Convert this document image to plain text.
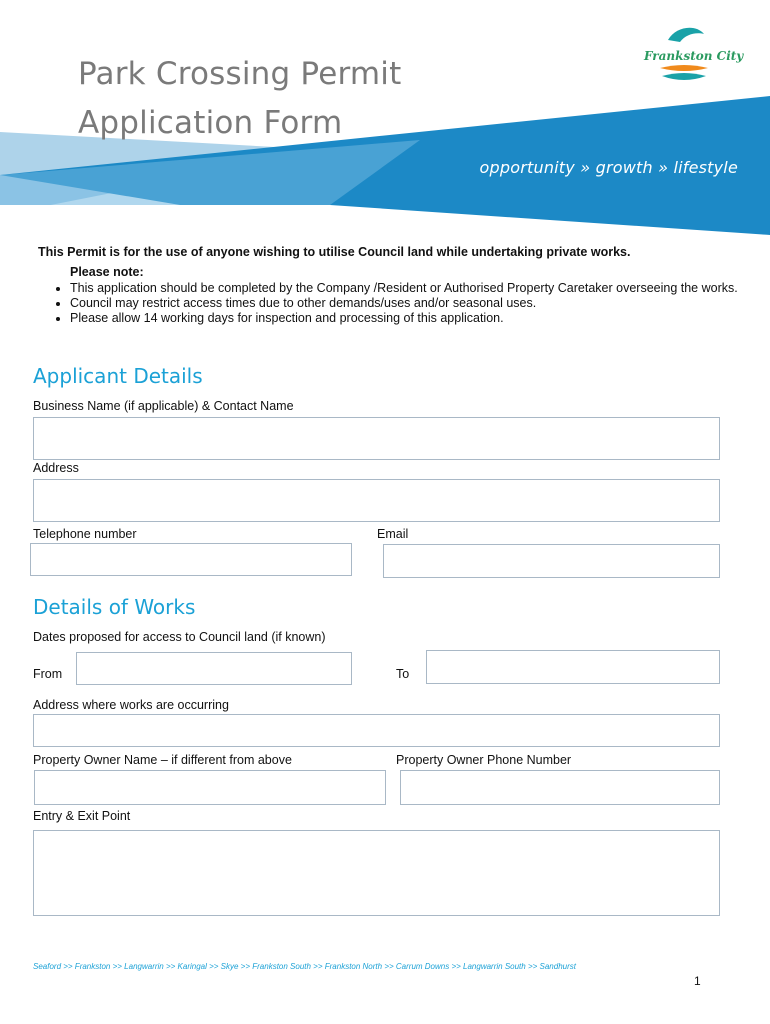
Frankston City
Park Crossing Permit
Application Form
opportunity » growth » lifestyle

This Permit is for the use of anyone wishing to utilise Council land while undertaking private works.

Please note:

• This application should be completed by the Company /Resident or Authorised Property Caretaker overseeing the works.
• Council may restrict access times due to other demands/uses and/or seasonal uses.
• Please allow 14 working days for inspection and processing of this application.
Applicant Details
Business Name (if applicable) & Contact Name
Address
Telephone number	Email
Details of Works
Dates proposed for access to Council land (if known)
From	To
Address where works are occurring
Property Owner Name – if different from above	Property Owner Phone Number
Entry & Exit Point
Seaford >> Frankston >> Langwarrin >> Karingal >> Skye >> Frankston South >> Frankston North >> Carrum Downs >> Langwarrin South >> Sandhurst
1
